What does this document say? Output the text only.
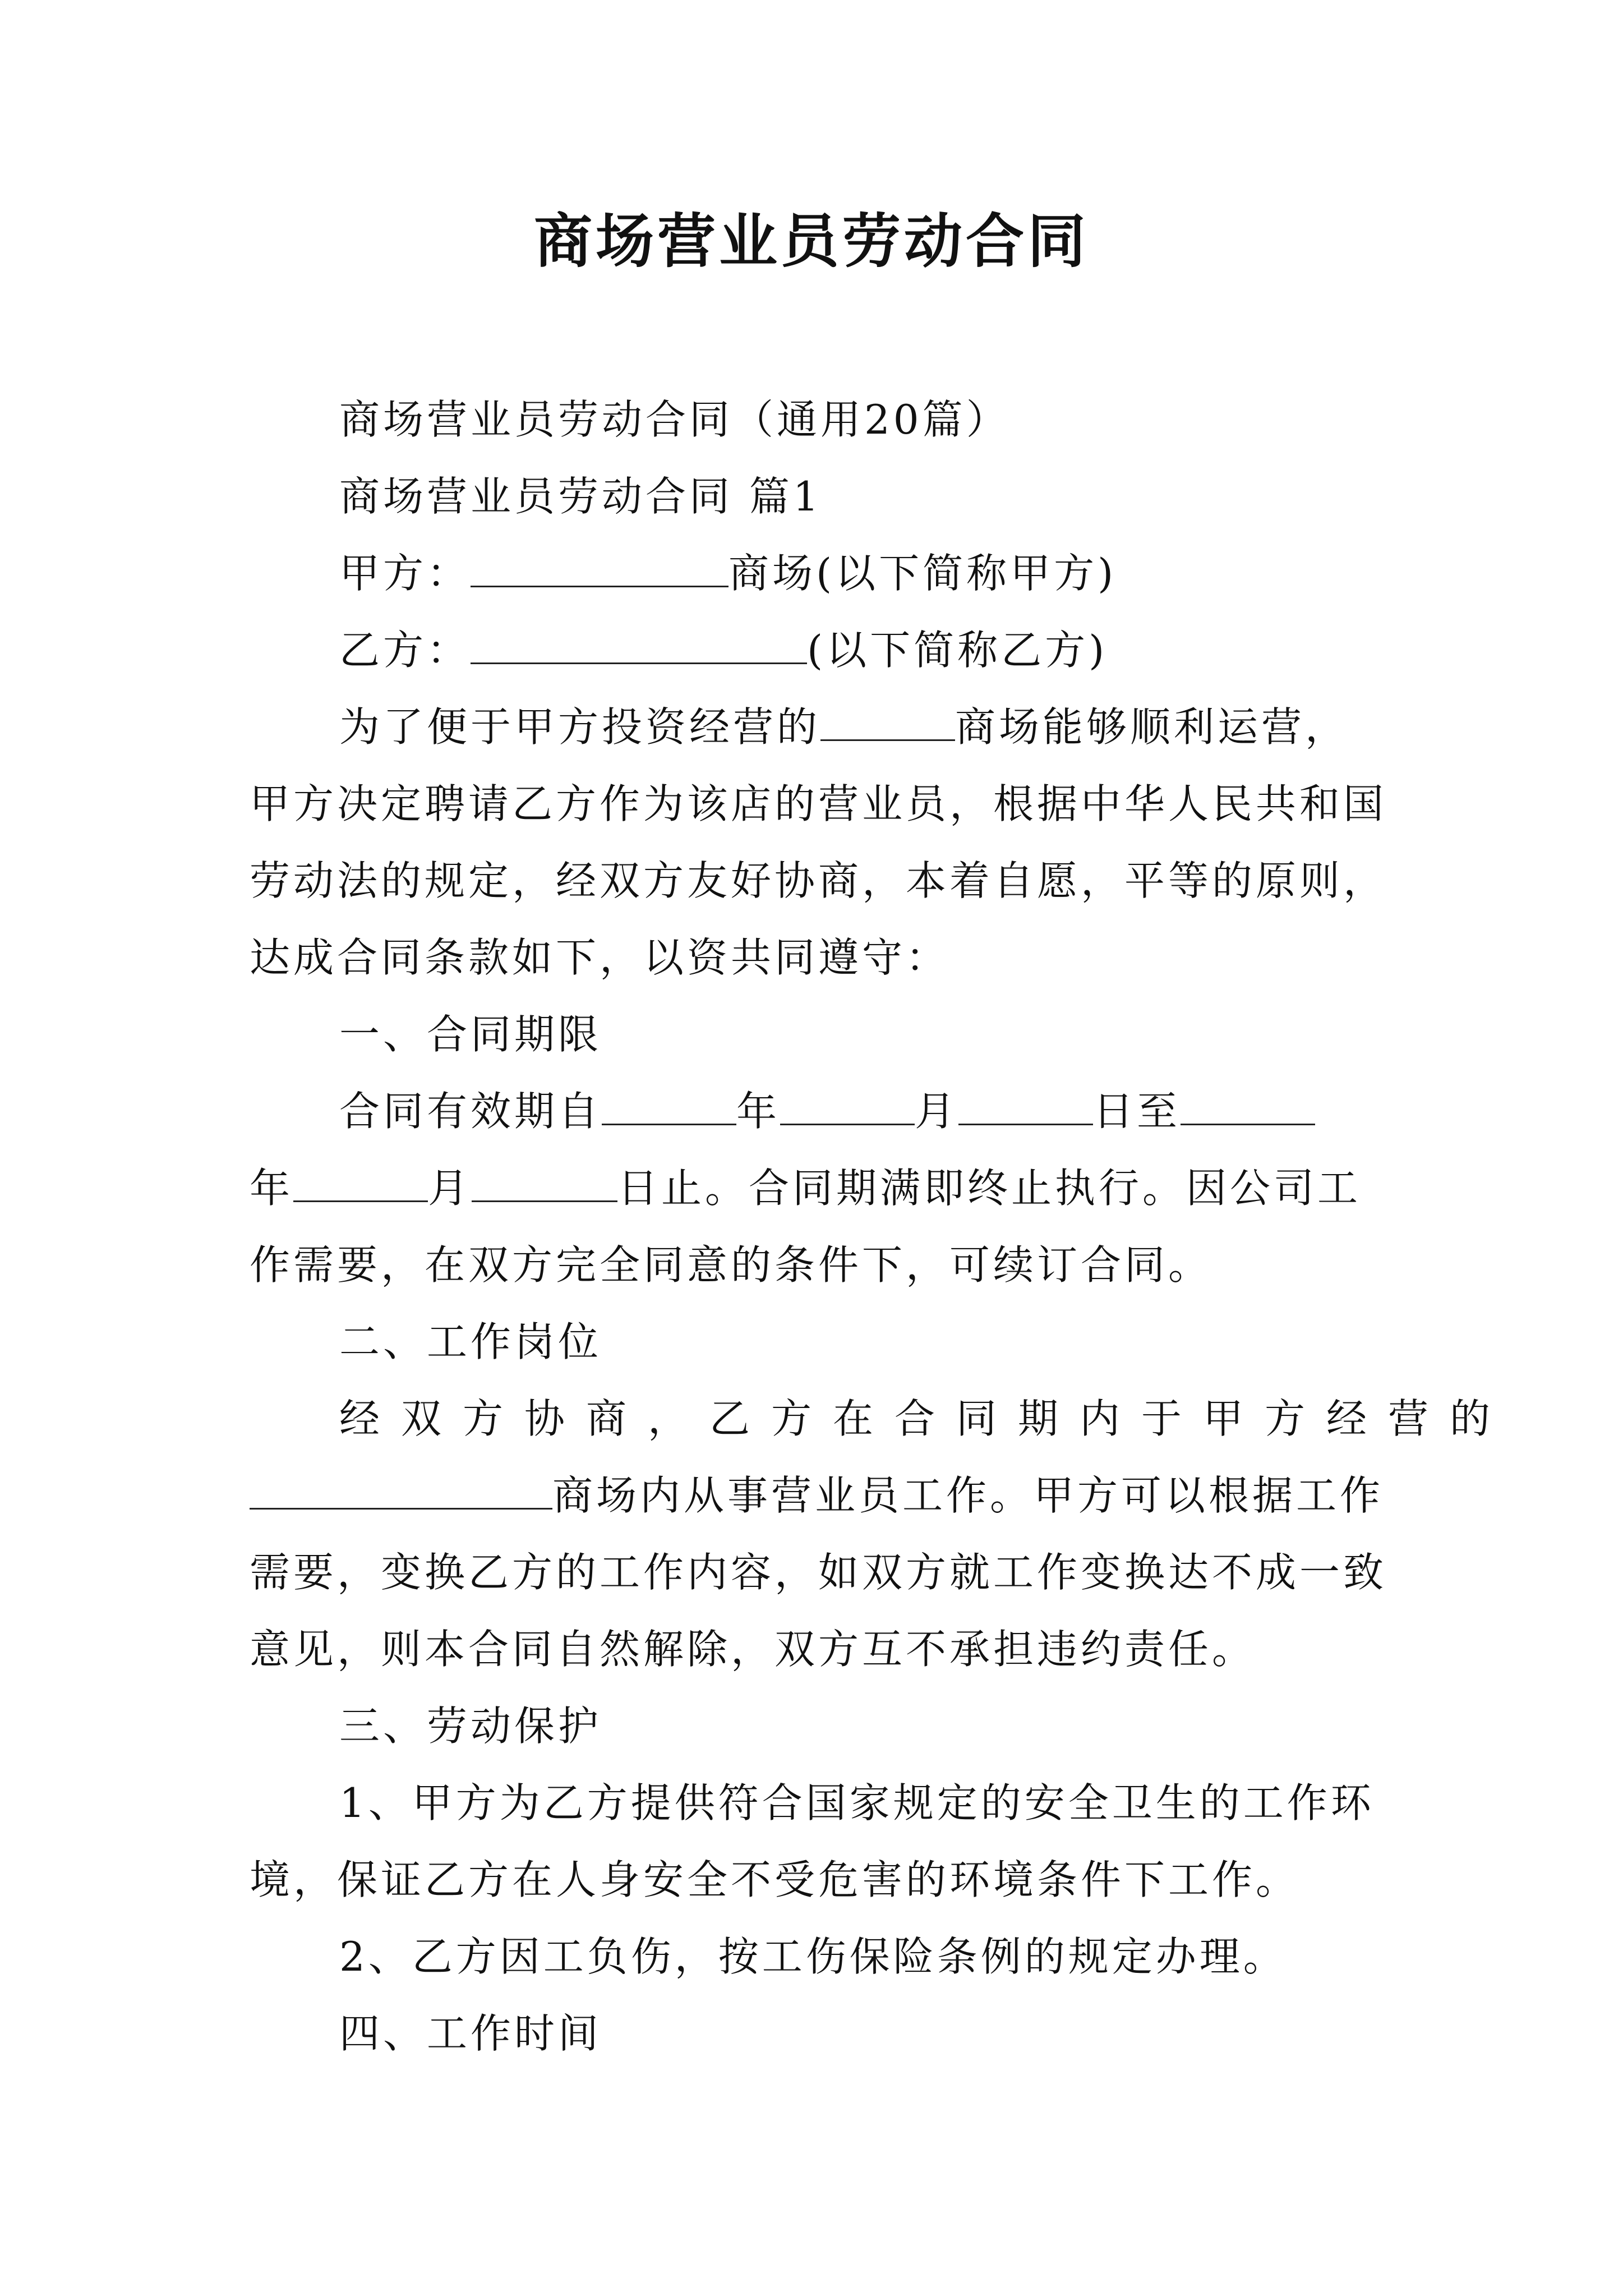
商场营业员劳动合同

商场营业员劳动合同（通用20篇）

商场营业员劳动合同 篇1

甲方：	商场(以下简称甲方)

乙方：	(以下简称乙方)

为了便于甲方投资经营的	商场能够顺利运营，

甲方决定聘请乙方作为该店的营业员，根据中华人民共和国

劳动法的规定，经双方友好协商，本着自愿，平等的原则，

达成合同条款如下，以资共同遵守：

一、合同期限

合同有效期自	年	月	日至

年	月	日止。合同期满即终止执行。因公司工

作需要，在双方完全同意的条件下，可续订合同。

二、工作岗位

经双方协商，乙方在合同期内于甲方经营的

商场内从事营业员工作。甲方可以根据工作

需要，变换乙方的工作内容，如双方就工作变换达不成一致

意见，则本合同自然解除，双方互不承担违约责任。

三、劳动保护

1、甲方为乙方提供符合国家规定的安全卫生的工作环

境，保证乙方在人身安全不受危害的环境条件下工作。

2、乙方因工负伤，按工伤保险条例的规定办理。

四、工作时间
